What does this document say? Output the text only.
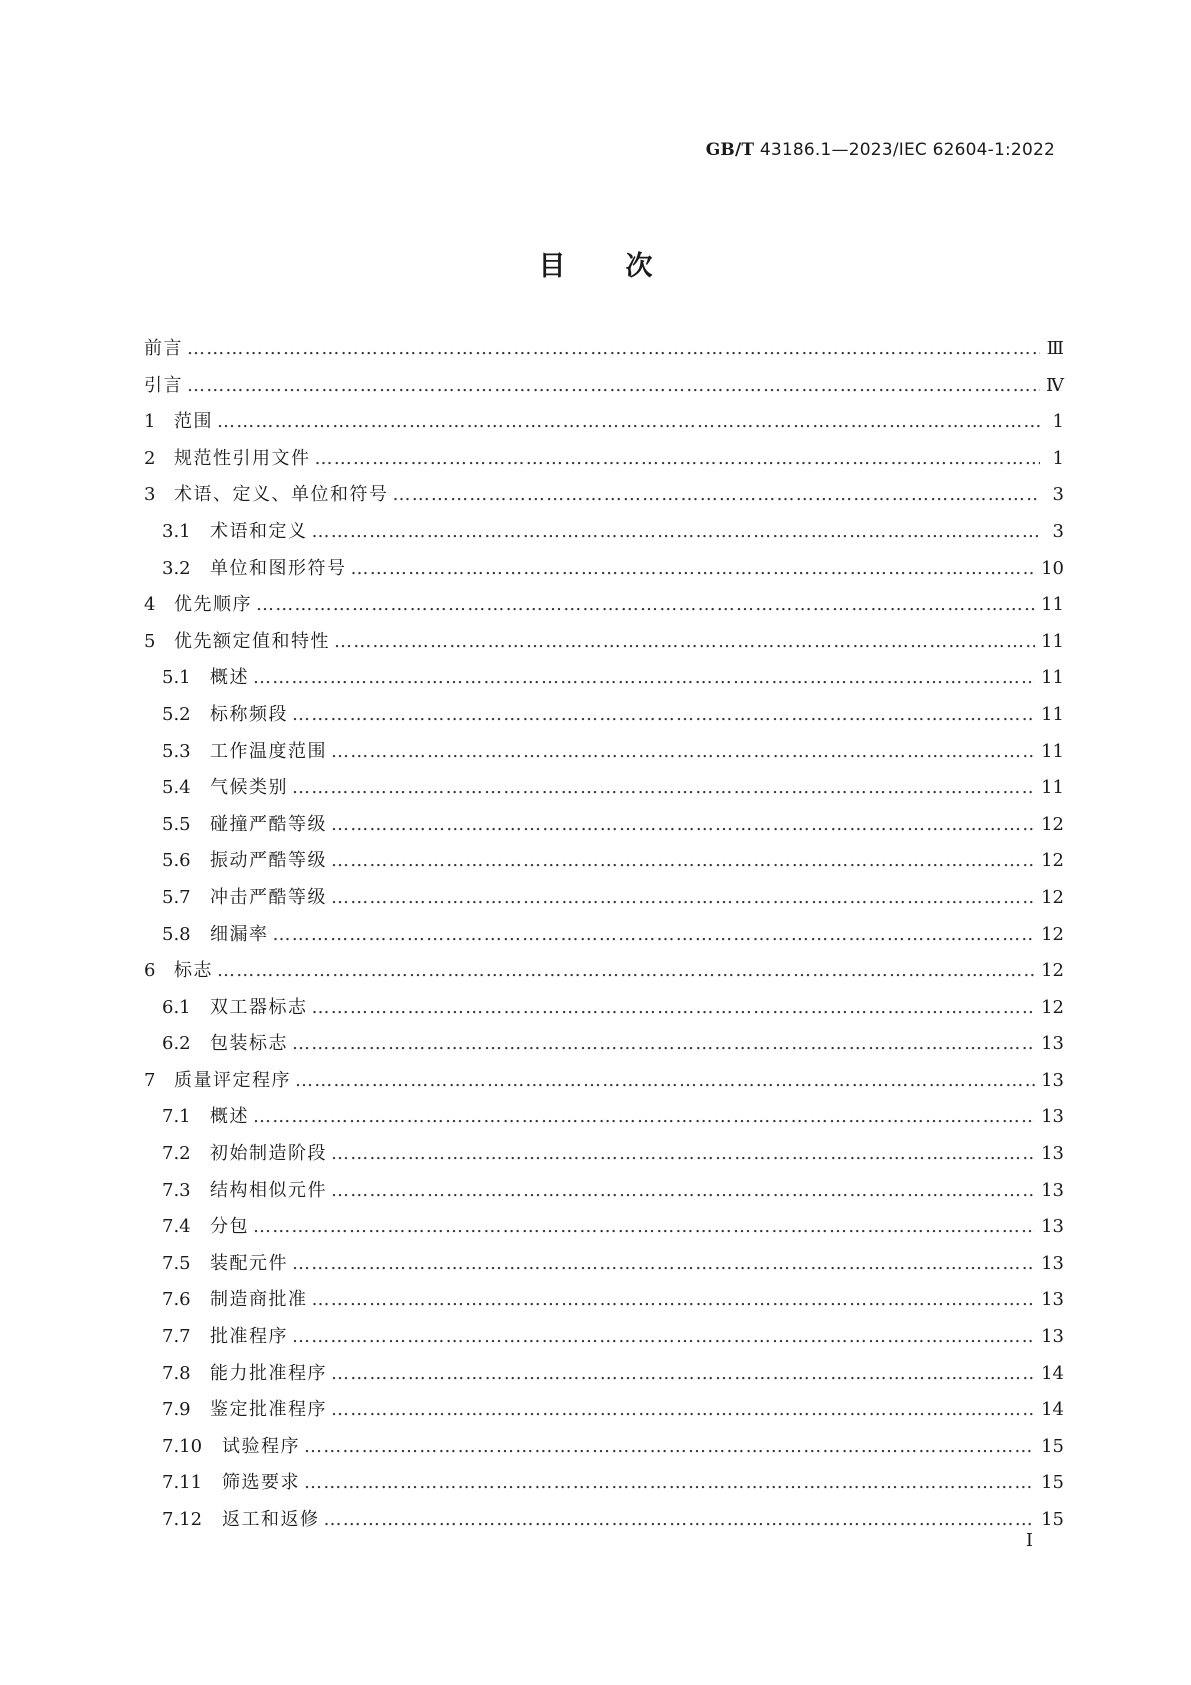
GB/T 43186.1—2023/IEC 62604-1:2022
目次
前言 ……………………………………………………………………………………………………………………………………………………………………………………………………	Ⅲ
引言 ……………………………………………………………………………………………………………………………………………………………………………………………………	Ⅳ
1	范围 ……………………………………………………………………………………………………………………………………………………………………………………………………	1
2	规范性引用文件 ……………………………………………………………………………………………………………………………………………………………………………………………………	1
3	术语、定义、单位和符号 ……………………………………………………………………………………………………………………………………………………………………………………………………	3
3.1	术语和定义 ……………………………………………………………………………………………………………………………………………………………………………………………………	3
3.2	单位和图形符号 ……………………………………………………………………………………………………………………………………………………………………………………………………	10
4	优先顺序 ……………………………………………………………………………………………………………………………………………………………………………………………………	11
5	优先额定值和特性 ……………………………………………………………………………………………………………………………………………………………………………………………………	11
5.1	概述 ……………………………………………………………………………………………………………………………………………………………………………………………………	11
5.2	标称频段 ……………………………………………………………………………………………………………………………………………………………………………………………………	11
5.3	工作温度范围 ……………………………………………………………………………………………………………………………………………………………………………………………………	11
5.4	气候类别 ……………………………………………………………………………………………………………………………………………………………………………………………………	11
5.5	碰撞严酷等级 ……………………………………………………………………………………………………………………………………………………………………………………………………	12
5.6	振动严酷等级 ……………………………………………………………………………………………………………………………………………………………………………………………………	12
5.7	冲击严酷等级 ……………………………………………………………………………………………………………………………………………………………………………………………………	12
5.8	细漏率 ……………………………………………………………………………………………………………………………………………………………………………………………………	12
6	标志 ……………………………………………………………………………………………………………………………………………………………………………………………………	12
6.1	双工器标志 ……………………………………………………………………………………………………………………………………………………………………………………………………	12
6.2	包装标志 ……………………………………………………………………………………………………………………………………………………………………………………………………	13
7	质量评定程序 ……………………………………………………………………………………………………………………………………………………………………………………………………	13
7.1	概述 ……………………………………………………………………………………………………………………………………………………………………………………………………	13
7.2	初始制造阶段 ……………………………………………………………………………………………………………………………………………………………………………………………………	13
7.3	结构相似元件 ……………………………………………………………………………………………………………………………………………………………………………………………………	13
7.4	分包 ……………………………………………………………………………………………………………………………………………………………………………………………………	13
7.5	装配元件 ……………………………………………………………………………………………………………………………………………………………………………………………………	13
7.6	制造商批准 ……………………………………………………………………………………………………………………………………………………………………………………………………	13
7.7	批准程序 ……………………………………………………………………………………………………………………………………………………………………………………………………	13
7.8	能力批准程序 ……………………………………………………………………………………………………………………………………………………………………………………………………	14
7.9	鉴定批准程序 ……………………………………………………………………………………………………………………………………………………………………………………………………	14
7.10	试验程序 ……………………………………………………………………………………………………………………………………………………………………………………………………	15
7.11	筛选要求 ……………………………………………………………………………………………………………………………………………………………………………………………………	15
7.12	返工和返修 ……………………………………………………………………………………………………………………………………………………………………………………………………	15
I
